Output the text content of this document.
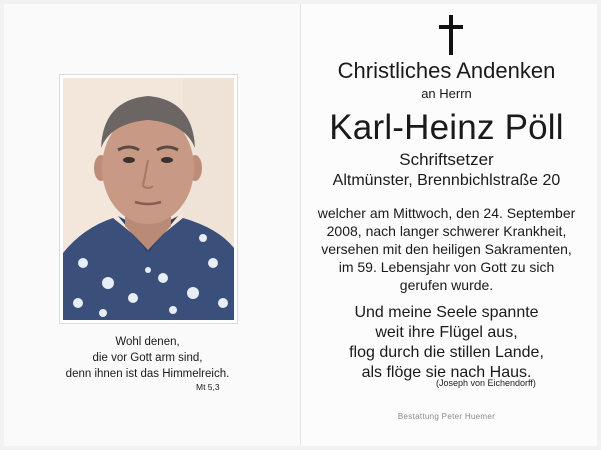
Wohl denen,
die vor Gott arm sind,
denn ihnen ist das Himmelreich.
Mt 5,3
Christliches Andenken
an Herrn
Karl-Heinz Pöll
Schriftsetzer
Altmünster, Brennbichlstraße 20
welcher am Mittwoch, den 24. September
2008, nach langer schwerer Krankheit,
versehen mit den heiligen Sakramenten,
im 59. Lebensjahr von Gott zu sich
gerufen wurde.
Und meine Seele spannte
weit ihre Flügel aus,
flog durch die stillen Lande,
als flöge sie nach Haus.
(Joseph von Eichendorff)
Bestattung Peter Huemer
